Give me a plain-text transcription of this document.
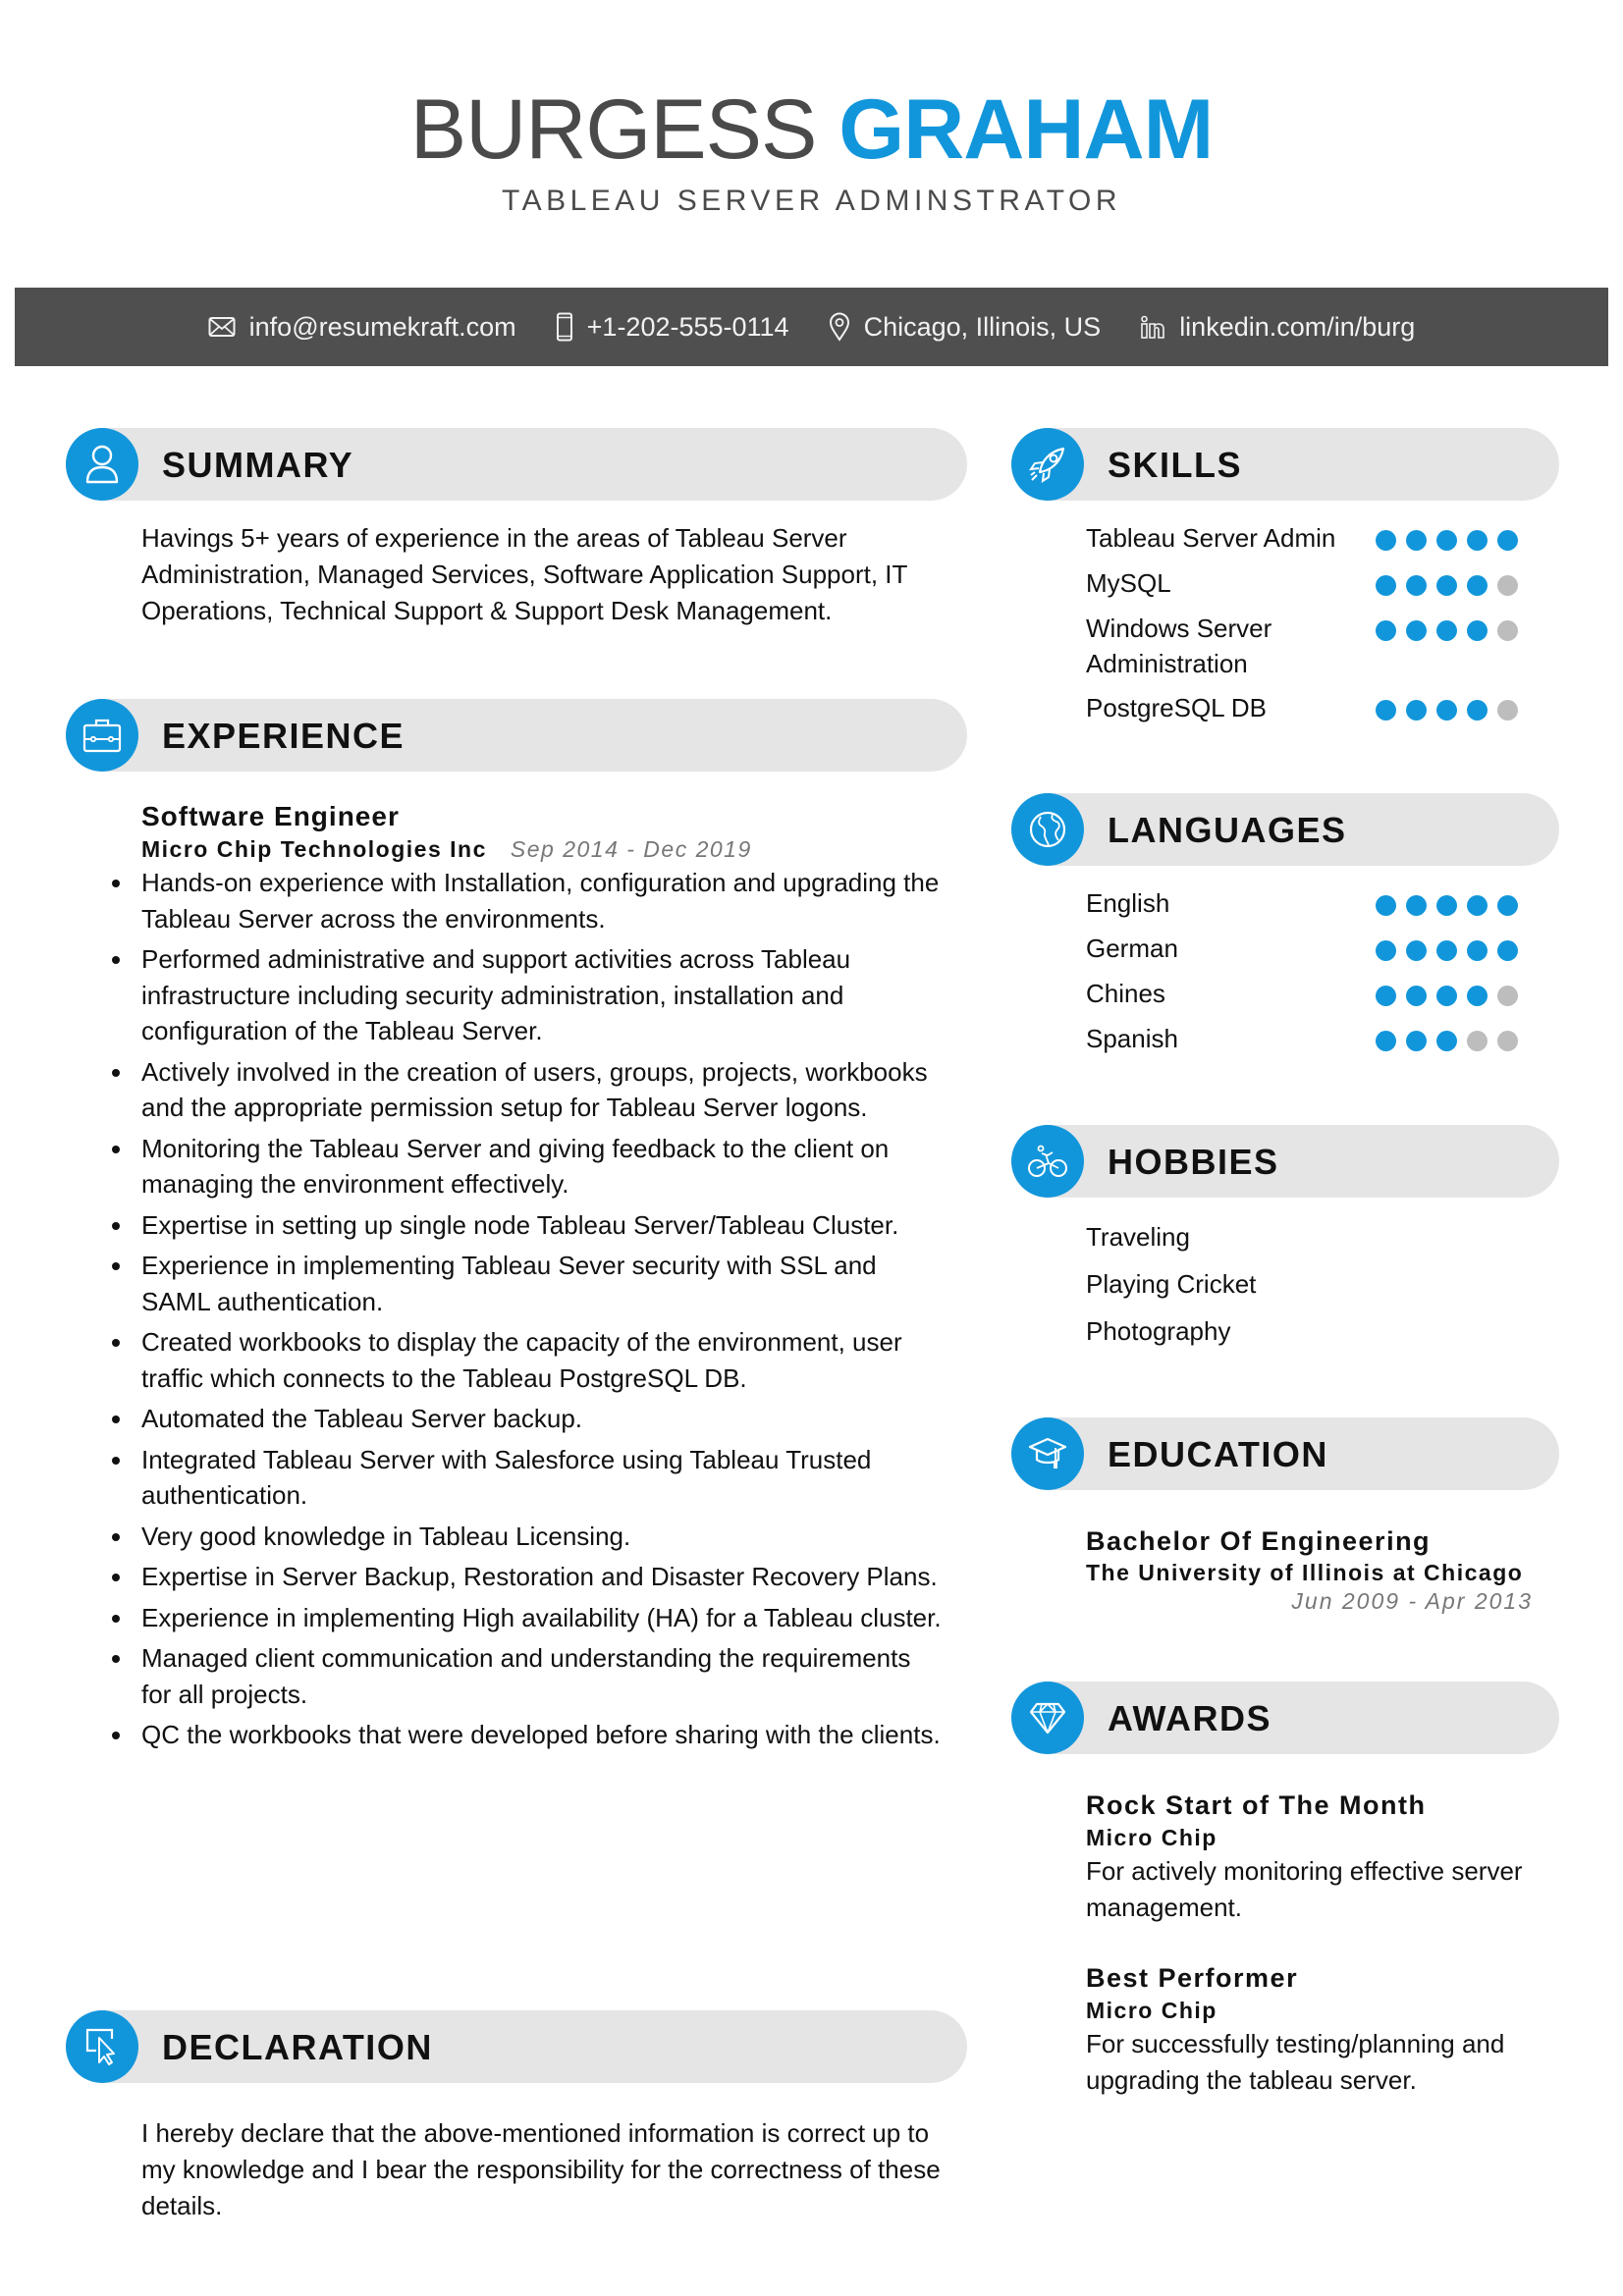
BURGESS GRAHAM
TABLEAU SERVER ADMINSTRATOR
info@resumekraft.com	+1-202-555-0114	Chicago, Illinois, US	linkedin.com/in/burg
SUMMARY
Havings 5+ years of experience in the areas of Tableau Server Administration, Managed Services, Software Application Support, IT Operations, Technical Support & Support Desk Management.
EXPERIENCE
Software Engineer
Micro Chip Technologies Inc Sep 2014 - Dec 2019
Hands-on experience with Installation, configuration and upgrading the Tableau Server across the environments.
Performed administrative and support activities across Tableau infrastructure including security administration, installation and configuration of the Tableau Server.
Actively involved in the creation of users, groups, projects, workbooks and the appropriate permission setup for Tableau Server logons.
Monitoring the Tableau Server and giving feedback to the client on managing the environment effectively.
Expertise in setting up single node Tableau Server/Tableau Cluster.
Experience in implementing Tableau Sever security with SSL and SAML authentication.
Created workbooks to display the capacity of the environment, user traffic which connects to the Tableau PostgreSQL DB.
Automated the Tableau Server backup.
Integrated Tableau Server with Salesforce using Tableau Trusted authentication.
Very good knowledge in Tableau Licensing.
Expertise in Server Backup, Restoration and Disaster Recovery Plans.
Experience in implementing High availability (HA) for a Tableau cluster.
Managed client communication and understanding the requirements for all projects.
QC the workbooks that were developed before sharing with the clients.
DECLARATION
I hereby declare that the above-mentioned information is correct up to my knowledge and I bear the responsibility for the correctness of these details.
SKILLS
Tableau Server Admin
MySQL
Windows Server Administration
PostgreSQL DB
LANGUAGES
English
German
Chines
Spanish
HOBBIES
Traveling
Playing Cricket
Photography
EDUCATION
Bachelor Of Engineering
The University of Illinois at Chicago
Jun 2009 - Apr 2013
AWARDS
Rock Start of The Month
Micro Chip
For actively monitoring effective server management.
Best Performer
Micro Chip
For successfully testing/planning and upgrading the tableau server.
